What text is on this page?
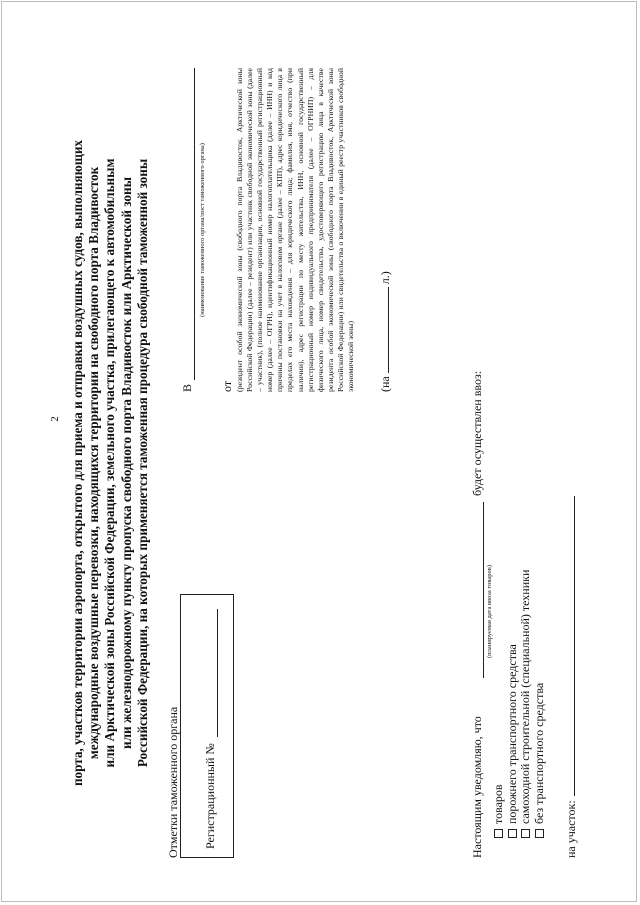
2 порта, участков территории аэропорта, открытого для приема и отправки воздушных судов, выполняющих международные воздушные перевозки, находящихся территории на свободного порта Владивосток или Арктической зоны Российской Федерации, земельного участка, прилегающего к автомобильным или железнодорожному пункту пропуска свободного порта Владивосток или Арктической зоны Российской Федерации, на которых применяется таможенная процедура свободной таможенной зоны
Отметки таможенного органа Регистрационный №
В
(наименование таможенного органа/пост таможенного органа)
от (резидент особой экономической зоны (свободного порта Владивосток, Арктической зоны Российской Федерации) (далее – резидент) или участник свободной экономической зоны (далее – участник), (полное наименование организации, основной государственный регистрационный номер (далее – ОГРН), идентификационный номер налогоплательщика (далее – ИНН) и код причины постановки на учет в налоговом органе (далее – КПП), адрес юридического лица в пределах его места нахождения – для юридического лица; фамилия, имя, отчество (при наличии), адрес регистрации по месту жительства, ИНН, основной государственный регистрационный номер индивидуального предпринимателя (далее – ОГРНИП) – для физического лица, номер свидетельства, удостоверяющего регистрацию лица в качестве резидента особой экономической зоны (свободного порта Владивосток, Арктической зоны Российской Федерации) или свидетельства о включении в единый реестр участников свободной экономической зоны) (на  л.)
Настоящим уведомляю, что
будет осуществлен ввоз:
(планируемая дата ввоза товаров)
товаров порожнего транспортного средства самоходной строительной (специальной) техники без транспортного средства
на участок:
